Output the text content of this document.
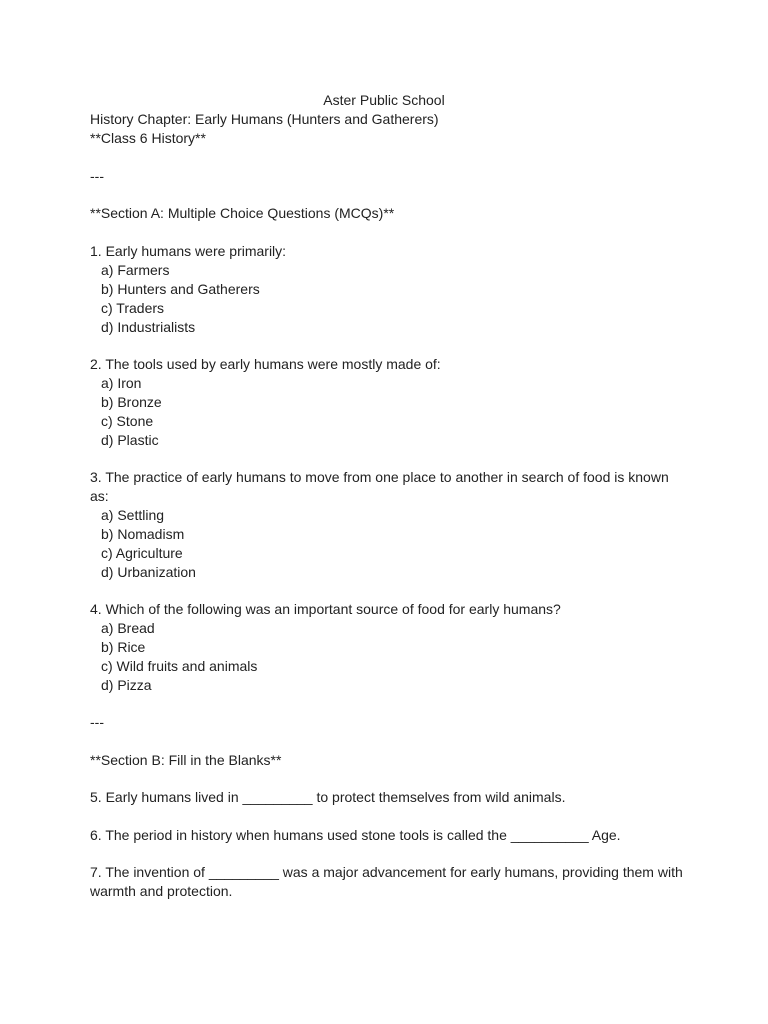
Aster Public School
History Chapter: Early Humans (Hunters and Gatherers)
**Class 6 History**
---
**Section A: Multiple Choice Questions (MCQs)**
1. Early humans were primarily:
a) Farmers
b) Hunters and Gatherers
c) Traders
d) Industrialists
2. The tools used by early humans were mostly made of:
a) Iron
b) Bronze
c) Stone
d) Plastic
3. The practice of early humans to move from one place to another in search of food is known
as:
a) Settling
b) Nomadism
c) Agriculture
d) Urbanization
4. Which of the following was an important source of food for early humans?
a) Bread
b) Rice
c) Wild fruits and animals
d) Pizza
---
**Section B: Fill in the Blanks**
5. Early humans lived in _________ to protect themselves from wild animals.
6. The period in history when humans used stone tools is called the __________ Age.
7. The invention of _________ was a major advancement for early humans, providing them with
warmth and protection.
